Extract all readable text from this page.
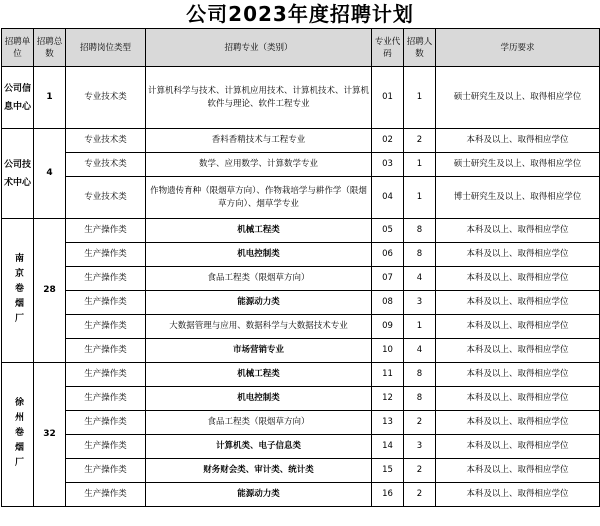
公司2023年度招聘计划
招聘单位	招聘总数	招聘岗位类型	招聘专业（类别）	专业代码	招聘人数	学历要求

公司信息中心	1	专业技术类	计算机科学与技术、计算机应用技术、计算机技术、计算机软件与理论、软件工程专业	01	1	硕士研究生及以上、取得相应学位

公司技术中心	4	专业技术类	香料香精技术与工程专业	02	2	本科及以上、取得相应学位
		专业技术类	数学、应用数学、计算数学专业	03	1	硕士研究生及以上、取得相应学位
		专业技术类	作物遗传育种（限烟草方向）、作物栽培学与耕作学（限烟草方向）、烟草学专业	04	1	博士研究生及以上、取得相应学位

南京卷烟厂	28	生产操作类	机械工程类	05	8	本科及以上、取得相应学位
		生产操作类	机电控制类	06	8	本科及以上、取得相应学位
		生产操作类	食品工程类（限烟草方向）	07	4	本科及以上、取得相应学位
		生产操作类	能源动力类	08	3	本科及以上、取得相应学位
		生产操作类	大数据管理与应用、数据科学与大数据技术专业	09	1	本科及以上、取得相应学位
		生产操作类	市场营销专业	10	4	本科及以上、取得相应学位

徐州卷烟厂	32	生产操作类	机械工程类	11	8	本科及以上、取得相应学位
		生产操作类	机电控制类	12	8	本科及以上、取得相应学位
		生产操作类	食品工程类（限烟草方向）	13	2	本科及以上、取得相应学位
		生产操作类	计算机类、电子信息类	14	3	本科及以上、取得相应学位
		生产操作类	财务财会类、审计类、统计类	15	2	本科及以上、取得相应学位
		生产操作类	能源动力类	16	2	本科及以上、取得相应学位
